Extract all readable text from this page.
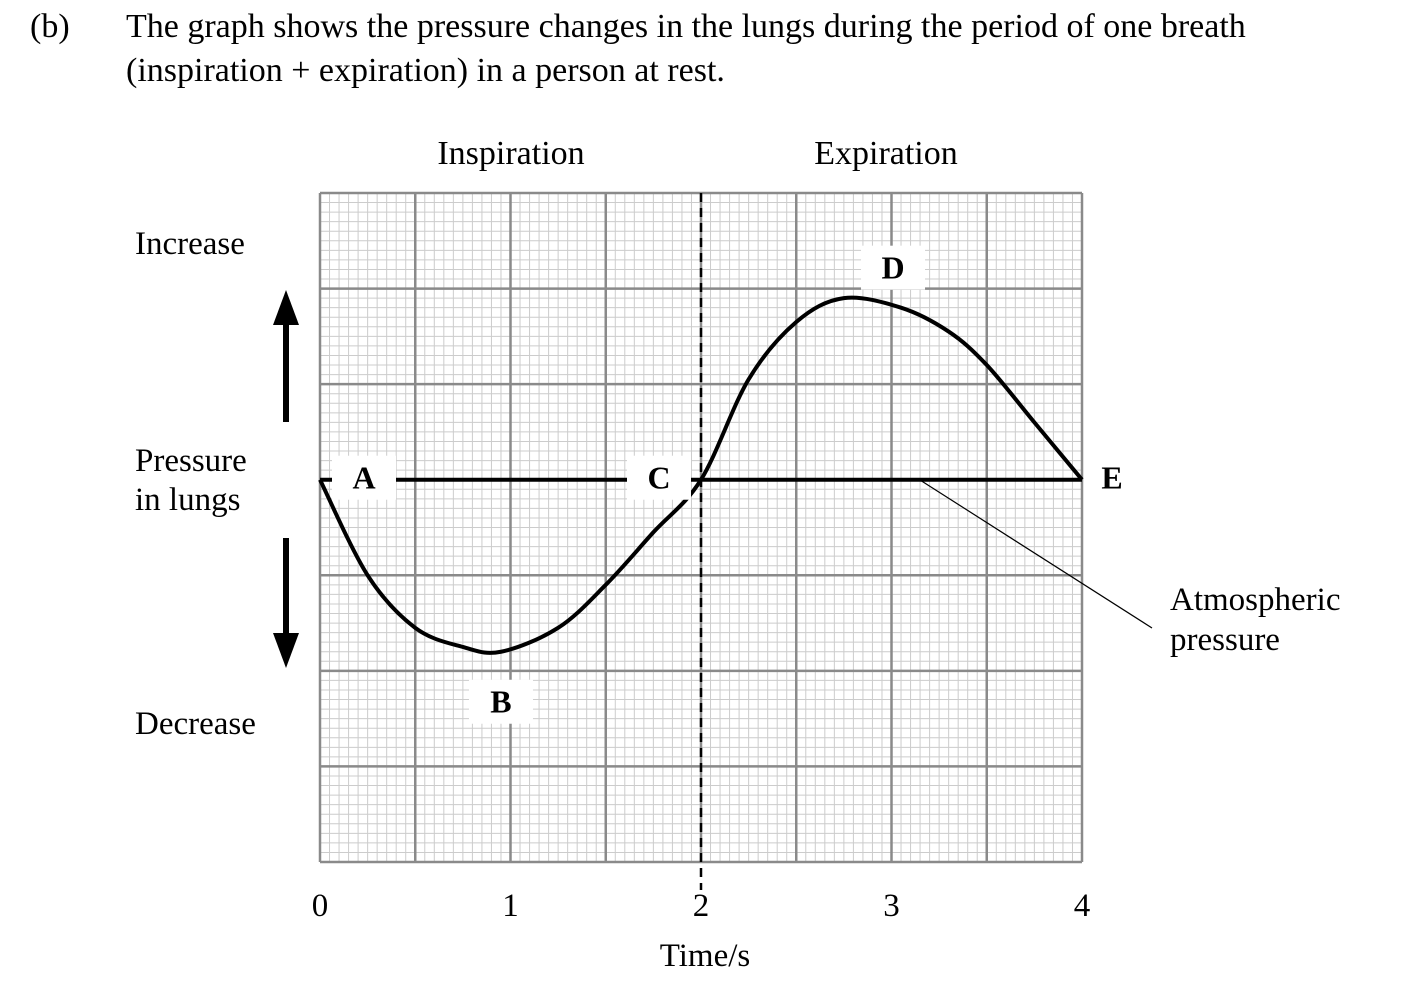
(b) The graph shows the pressure changes in the lungs during the period of one breath
(inspiration + expiration) in a person at rest.
A
B
C
D
E
0	1	2	3	4
Time/s
Inspiration	Expiration
Increase
Pressure
in lungs
Decrease
Atmospheric
pressure
